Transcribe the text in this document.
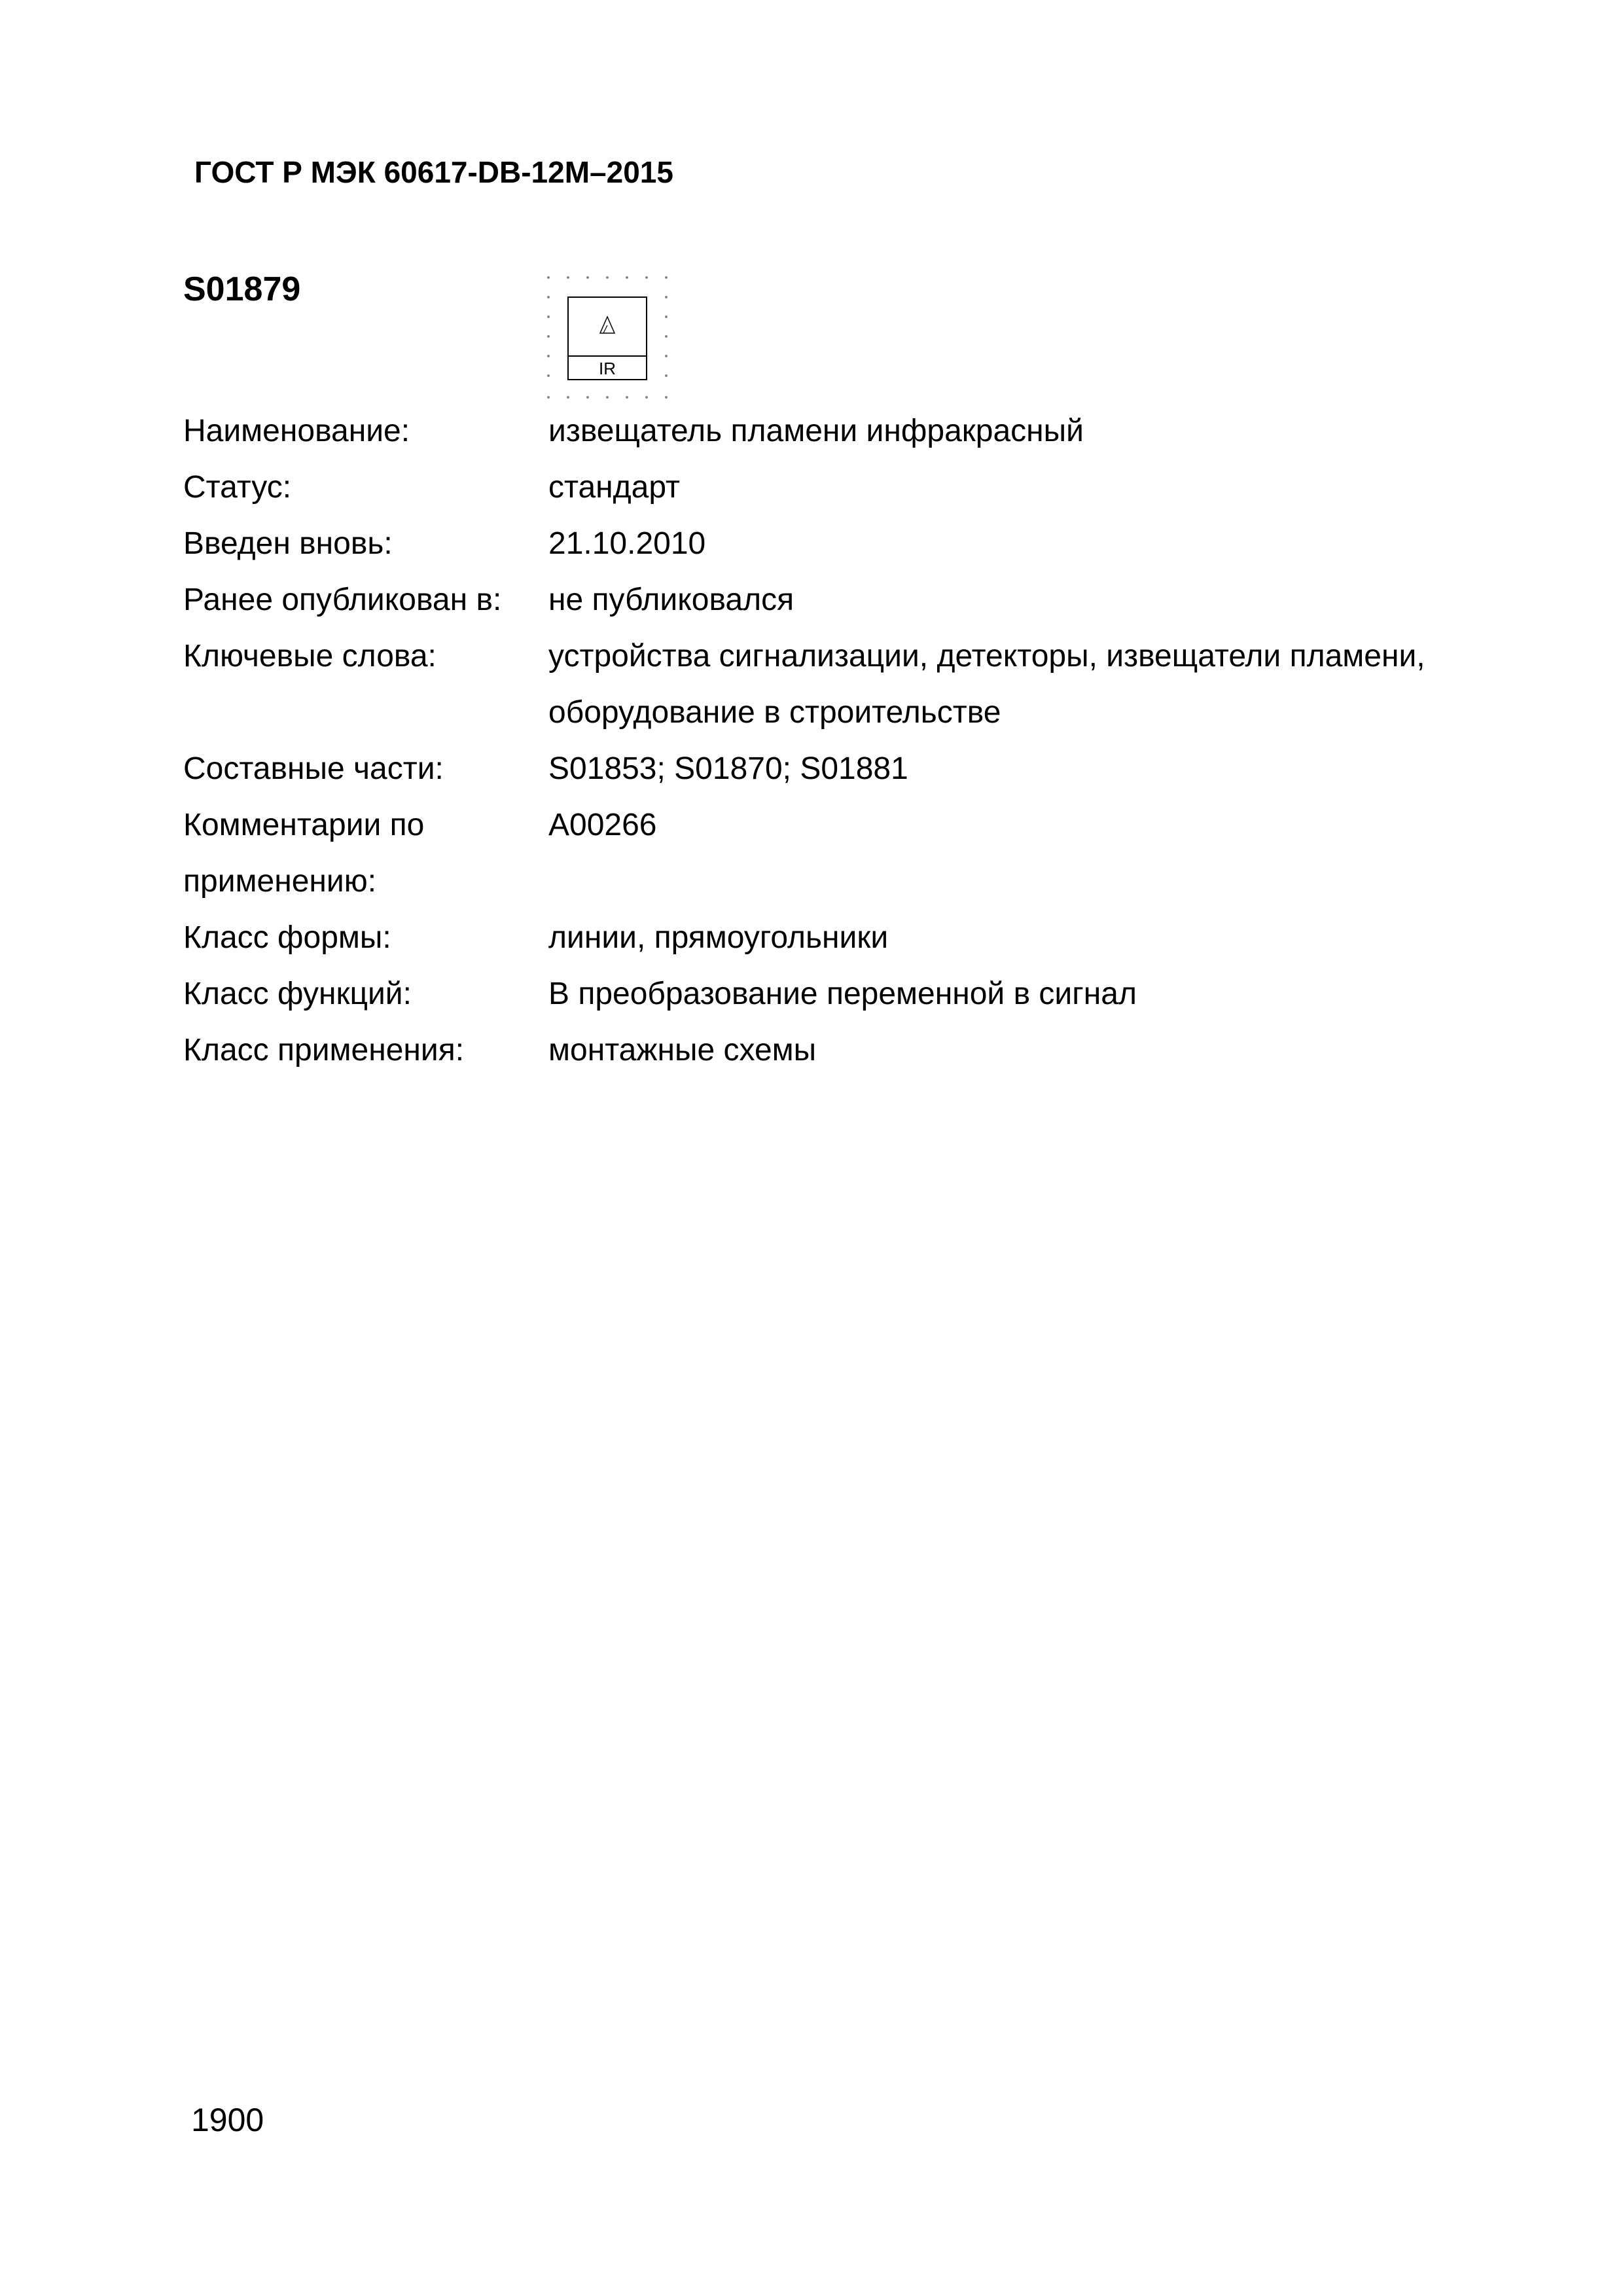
ГОСТ Р МЭК 60617-DB-12M–2015
S01879
IR
Наименование:	извещатель пламени инфракрасный
Статус:	стандарт
Введен вновь:	21.10.2010
Ранее опубликован в:	не публиковался
Ключевые слова:	устройства сигнализации, детекторы, извещатели пламени, оборудование в строительстве
Составные части:	S01853; S01870; S01881
Комментарии по применению:
A00266
Класс формы:	линии, прямоугольники
Класс функций:	B преобразование переменной в сигнал
Класс применения:	монтажные схемы
1900
